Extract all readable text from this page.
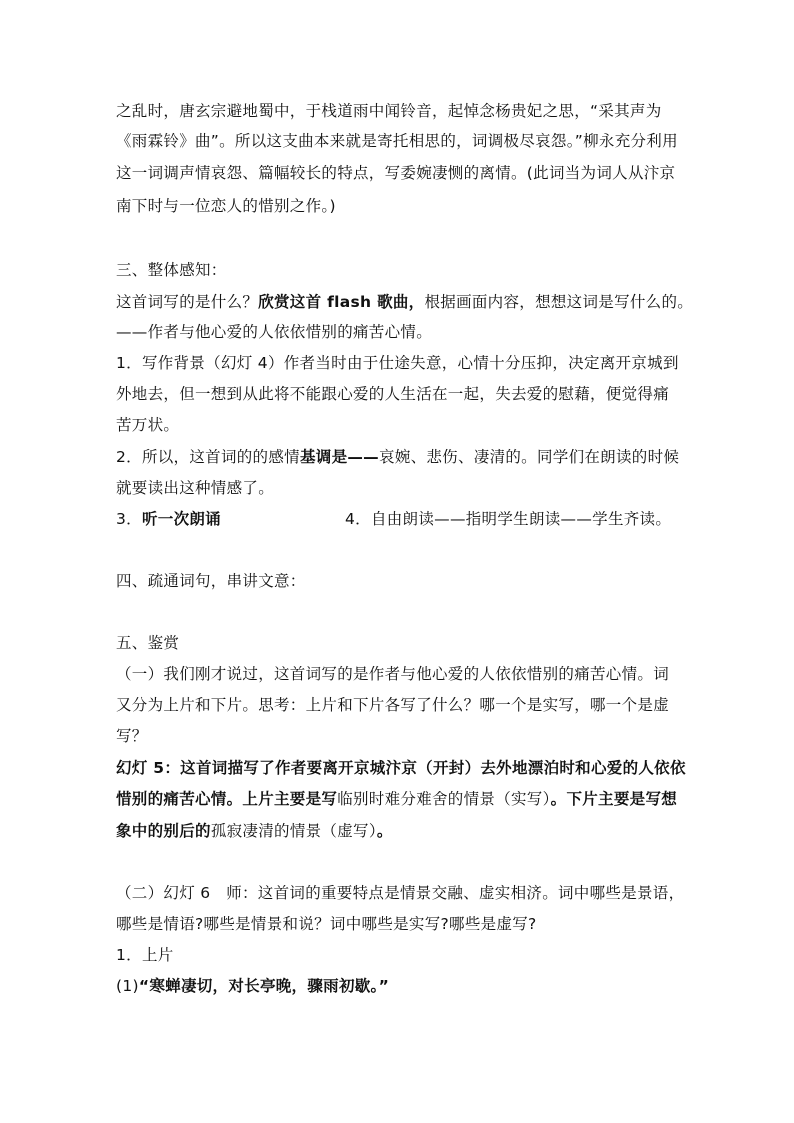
之乱时，唐玄宗避地蜀中，于栈道雨中闻铃音，起悼念杨贵妃之思，“采其声为
《雨霖铃》曲”。所以这支曲本来就是寄托相思的，词调极尽哀怨。”柳永充分利用
这一词调声情哀怨、篇幅较长的特点，写委婉凄恻的离情。(此词当为词人从汴京
南下时与一位恋人的惜别之作。)
三、整体感知：
这首词写的是什么？欣赏这首 flash 歌曲，根据画面内容，想想这词是写什么的。
——作者与他心爱的人依依惜别的痛苦心情。
1．写作背景（幻灯 4）作者当时由于仕途失意，心情十分压抑，决定离开京城到
外地去，但一想到从此将不能跟心爱的人生活在一起，失去爱的慰藉，便觉得痛
苦万状。
2．所以，这首词的的感情基调是——哀婉、悲伤、凄清的。同学们在朗读的时候
就要读出这种情感了。
3．听一次朗诵	4．自由朗读——指明学生朗读——学生齐读。
四、疏通词句，串讲文意：
五、鉴赏
（一）我们刚才说过，这首词写的是作者与他心爱的人依依惜别的痛苦心情。词
又分为上片和下片。思考：上片和下片各写了什么？哪一个是实写，哪一个是虚
写？
幻灯 5：这首词描写了作者要离开京城汴京（开封）去外地漂泊时和心爱的人依依
惜别的痛苦心情。上片主要是写临别时难分难舍的情景（实写）。下片主要是写想
象中的别后的孤寂凄清的情景（虚写）。
（二）幻灯 6　师：这首词的重要特点是情景交融、虚实相济。词中哪些是景语，
哪些是情语?哪些是情景和说？词中哪些是实写?哪些是虚写?
1．上片
(1)“寒蝉凄切，对长亭晚，骤雨初歇。”
